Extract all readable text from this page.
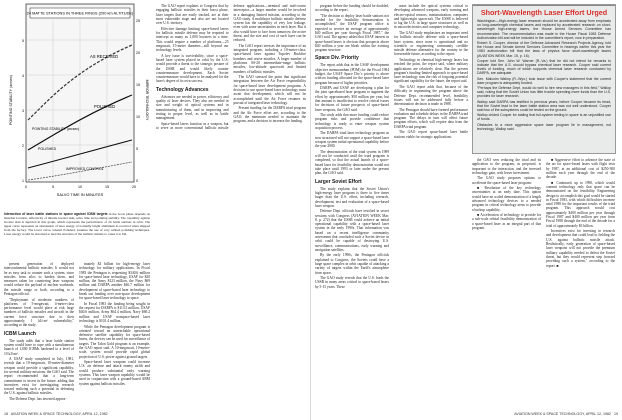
24 MATTE STATIONS IN THREE RINGS (200 km ALTITUDE)
AS RECEIVED
POLISHED
POLISHED
IMPROVED CONTROL
POINTING STABILITY (arcsec)
5
4
3
2
1
25
20
15
10
5
0
0	5	10	15	20
SALVO TIME IN MINUTES
POINTING STABILITY (arcsec)	MIRROR TECHNOLOGY
Interaction of laser battle stations in space against ICBM targets in the boost phase depends on launcher location, reflectivity of missile booster skin, salvo time and pointing stability. The capability against booster skin is depicted in this graph, which represents the performance of 24 battle stations in orbit. The upper curve represents an attenuation of laser energy of normally bright aluminum as received when shipped from the factory. The lower curve, labeled Polished, assumes the use of very refined polishing techniques. Laser energy would be absorbed to heat the structure of the ballistic missile to cause it to fail.

present generation of deployed intercontinental ballistic missiles. It would not be as easy task to counter such a system, since missiles from silos to harden them, and measures taken for countering laser weapons would reduce the payload of nuclear warheads, the missile range or both, according to a Pentagon official.

"Deployment of moderate numbers of platforms of 5-megawatt, 4-meter-class performance level would place at risk large numbers of ballistic missiles and aircraft in the current force structure due to their approximately 1 kJ/cm² vulnerability," according to the study.

ICBM Launch

The study adds that a laser battle station system would have to cope with a simultaneous launch of 1,000 ICBMs hardened to a level of 10 kJ/cm².

A USAF study completed in July, 1981, reveals that a 10-megawatt, 10-meter-diameter weapon could provide a significant capability, for several military missions, the GAO said. The report recommended that a long-term commitment to invest in the future, adding that incentives exist for investigating research toward realizing such a potential in defeating the U.S. against ballistic missiles.

The Defense Dept. has invested approx-

imately $2 billion for high-energy laser technology for military applications. In Fiscal 1983 the Pentagon is requesting $340.6 million for space-based laser technology, USAF for $20 million, the Army $123 million, the Navy $69 million and DARPA another $46.7 million for development of space-based laser technology to break out funding over non-space development for space-based laser technology to space.

In Fiscal 1983 the funding being sought in the request for DARPA is $113.5 million, USAF $40.6 million, Army $64.4 million, Navy $69.2 million and USAF nonspace-based laser technology is $101.4 million.

While the Pentagon development program is oriented toward an unreachable operational defensive satellite capability for space-based lasers, the devices can be used for surveillance of targets. The Talon Gold program is an example, the GAO report said. A 10-megawatt, 10-meter-scale, system would provide rapid global projection of U.S. power against ground targets.

Space-based laser weapons could increase U.S. air defense and attack enemy airlift and would produce substantial early warning systems. This laser weapon capability would be used in conjunction with a ground-based ABM system against ballistic missiles.

The GAO report explains to Congress that by engaging ballistic missiles in their boost phase, laser targets that are easily tracked, are at their most vulnerable stage and also are not located over U.S. territory.

Effective damage limiting space-based lasers for ballistic missile defense may be required to intercept as many as 1,000 boosters in a time. This would require a number of platforms—25 megawatt, 15-meter diameter—still beyond our technology levels.

A key issue is survivability, since a space-based laser system placed in orbit by the U.S. would provide a threat to the strategic posture of the USSR and would likely counter countermeasure development. Each Soviet countermeasure would have to be analyzed for the laser's degree of its own success.

Technology Advances

Advances are needed in power, efficiency and quality of laser devices. They also are needed in size and weight of optical systems and in manufacturing of them, and in improving and testing to proper level, as well as in battle management.

Space-based lasers function as a weapon, but to serve as more conventional ballistic missile defense applications—terminal and mid-course interceptor—a larger number would be involved in a damaging limited mission, according to the GAO study. A multilayer ballistic missile defense system has the capability of very low leakage, even with some uncertainties in each layer. But it also would have to face from tomorrow the active threat, and the size and cost of such layer can be reduced.

The GAO report stresses the importance of an integrated program, including a 10-meter-class, space-based laser against Tupolev Backfire bombers and cruise missiles. A larger number of platforms SS-20 intermediate-range ballistic missiles, low-altitude spacecraft and limited numbers of ballistic missiles.

The GAO stressed the point that significant integration between the Air Force responsibility for space-based laser development programs. A decision to use space-based laser technology must await that development, which will not be accomplished until the Air Force resumes its pursuit of integrated laser technology.

Present funding for the DARPA triad program and the Air Force effort are, according to the GAO, the minimum needed to maintain the program, and a decision to increase the funding.

18 AVIATION WEEK & SPACE TECHNOLOGY, APRIL 12, 1982

program before the funding should be doubled, according to the report.

"The decision to deploy laser battle stations not needed for the feasibility demonstration is accomplished," the USAF program office is expected to receive an average of approximately $40 million per year through Fiscal 1987," the GAO said. The agency added that USAF interest in space-based lasers is obvious that prospects above $40 million a year are bleak within the existing program structure.

Space Div. Priority

The report adds that in the USAF development objective memorandum (POM) for the Fiscal 1984 budget, the USAF Space Div.'s priority is above with no funding allocated for the space-based laser program because of higher priorities.

DARPA and USAF are developing a plan for the joint spacebased laser program to augment the effort by approximately $50 million per year, but that amount is insufficient to resolve critical issues for decisions of future prospects of space-based laser weapons, the GAO said.

The study adds that more funding could reduce program risks and provide confidence that technology is ready to enter weapon system acquisition process.

The DARPA triad laser technology program as now structured will not support a space-based laser weapon system initial operational capability before the year 2000.

The demonstration of the triad system in 1989 will not be conducted until the triad program is completed, so that the actual launch of a space-based laser for feasibility demonstration would not take place until 1993 or later under the present plan, the GAO said.

Larger Soviet Effort

The study explains that the Soviet Union's high-energy laser program is three to five times larger than the U.S. effort, including research, development, test and evaluation of a space-based laser weapon.

Defense Dept. officials have testified in secret sessions with Congress (AVIATION WEEK Mar. 8, p. 272) that the USSR could achieve an initial operational capability with a space-based laser system in the early 1990s. That information was based on a recent intelligence community assessment that concluded such a Soviet device in orbit could be capable of destroying U.S. surveillance, communications, early warning and navigation satellites.

By the early 1990s, the Pentagon officials explained to Congress, the Soviets could have a large space complex in orbit capable of attacking a variety of targets within the Earth's atmosphere from space.

The GAO study reveals that the U.S. leads the USSR in many areas critical to space-based lasers by 5-15 years. These

areas include the optical systems critical to developing advanced weapons, early warning and electro-optical sensors, miniaturization, computers and lightweight spacecraft. The USSR is believed to lag the U.S. in large space structures as well as in microelectronics and computer technology.

The GAO study emphasizes an important need for ballistic missile defense with a space-based laser system, since none is operational and no scientific or engineering community credible missile defense alternative for the country in the foreseeable future, according to the report.

Technology in chemical high-energy lasers has reached the point, the report said, where military applications are relatively clear. But the present program's funding-limited approach to space-based laser technology runs the risk of forgoing potential significant capability for the future, the report said.

The GAO report adds that, because of the difficulty in segmenting the program above the Defense Dept. recommended level, feasibility issues will not be addressed fully before a determination decision is made in 1988.

The Pentagon should have formed performance evaluation and schedule delays in the DARPA triad program. The delays in turn will affect future program efforts, which will require data from the DARPA triad program.

The GAO report space-based laser battle stations viable for strategic applications.

Short-Wavelength Laser Effort Urged

Washington—High-energy laser research should be accelerated away from emphasis on long-wavelength chemical lasers and replaced by accelerated research on short-wavelength high-energy lasers, the House Armed Services Committee has recommended. The recommendation was made in the House Fiscal 1983 Defense Authorization bill and will be included in the committee's report, now in preparation.

Robert S. Cooper, director of the Defense Advanced Research Projects Agency, told the House and Senate Armed Services Committee in hearings earlier this year the 1983 authorization bill that the laws of physics favor short-wavelength lasers (AVIATION WEEK Mar. 15, p. 16).

Cooper told Sen. John W. Warner (R.-Va.) that he did not intend for remarks to indicate that the U.S. should bypass chemical laser research. Cooper said current levels of funding, much of which supports chemical laser research conducted by DARPA, are adequate.

Sen. Malcolm Wallop (R.-Wyo.) took issue with Cooper's statement that the current laser program is adequately funded.

"Perhaps the Defense Dept. would do well to hire new managers in this field," Wallop said, noting that the Soviet Union has little trouble spending more funds than the U.S. provides for laser research.

Wallop said DARPA has testified in previous years, before Cooper became its head, that the Soviet lead in the laser battle station area was not well understood. Cooper said two of the subsystems could be tested on the ground.

Wallop chided Cooper for stating that full-system testing in space is an unjustified use of funds.

Obstacles to a more aggressive space laser program lie in management, not technology, Wallop said.

the GAO sees reducing the triad and its application to the program, as proposed, is important to the interaction, and the invested technology gain, with lesser investment.

The GAO study proposes options to accelerate the space-based laser program:

■ Resolution of the key technology uncertainties at an early date. This option would have no scaled demonstration of a length advanced technology devices to a needed program in critical technology areas to provide a backup capability.

■ Acceleration of technology to provide for a sub-scale orbital feasibility demonstration of a space-based laser as an integral part of that program.

■ Aggressive effort to advance the state of the art for space-based lasers with flight tests by 1987, at an additional cost of $250-300 million each year through the end of the decade.

■ Continued, up to 1990, which would commit technology only that space can be demonstrated on the feasibility. Engineering design to accomplish this goal would be started in Fiscal 1983, with which difficulties increase until 1988 for the important results of the triad program. This approach would cost approximately $400 million per year through Fiscal 1987 and $400 million per year from Fiscal 1988 through the end of the decade for a total of approximately $3 billion.

Incentives exist for investing in research and development that could lead to fielding the U.S. against ballistic missile attack. Realistically, early generation of space-based laser weapons will not provide the premium military capability needed to defeat the Soviet threat, but they would represent step forward providing such a system," according to the report. ■

AVIATION WEEK & SPACE TECHNOLOGY, APRIL 12, 1982 19
